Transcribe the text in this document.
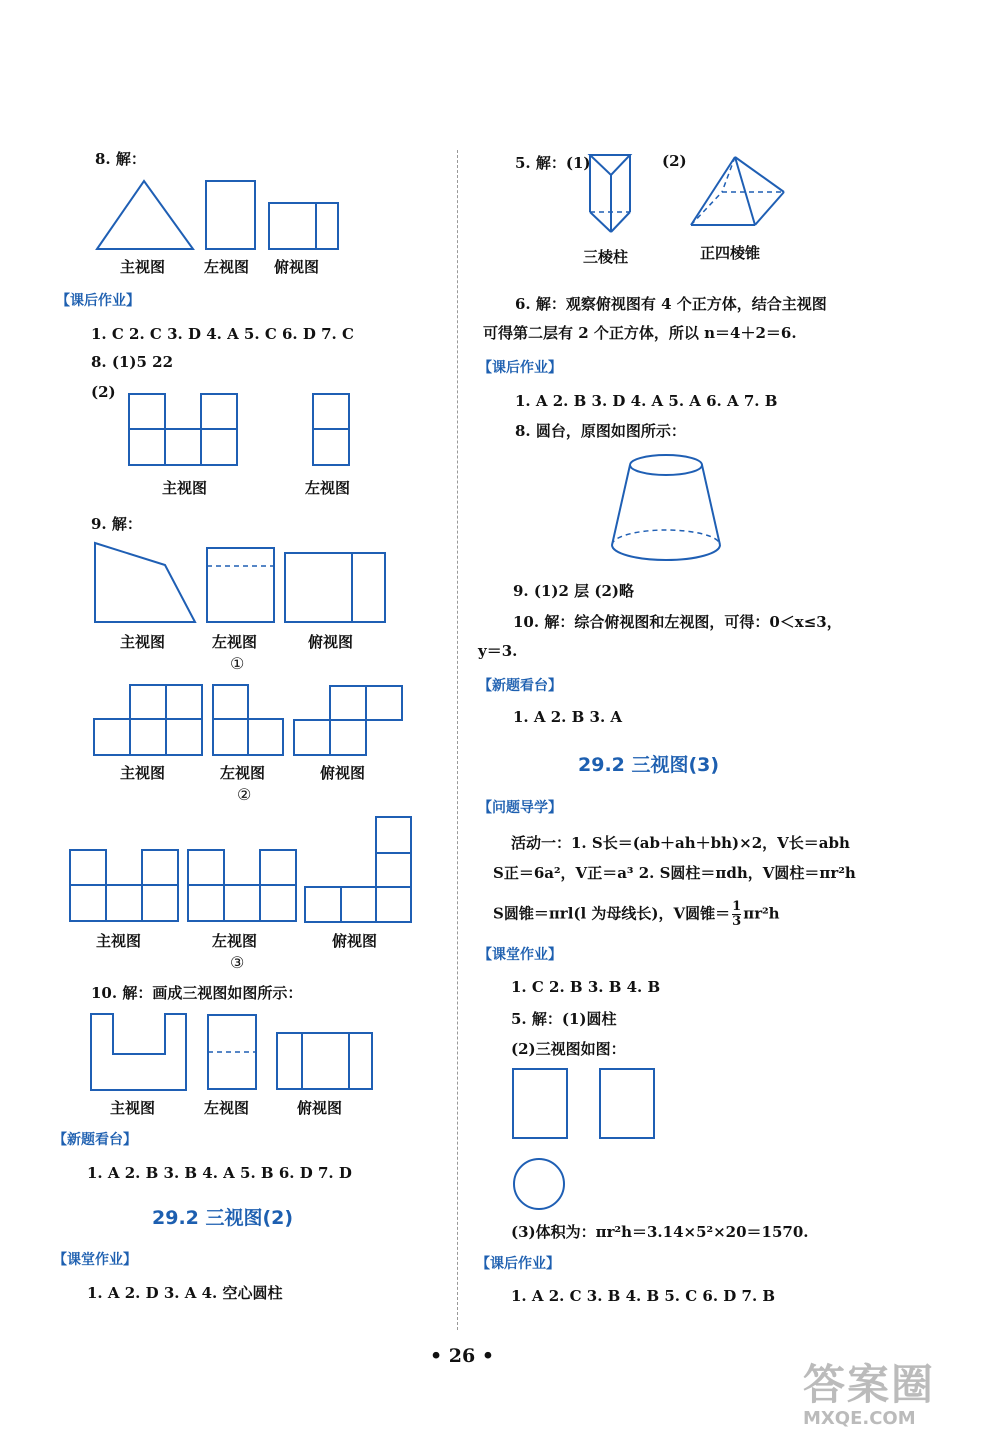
8. 解：
主视图	左视图 俯视图
【课后作业】
1. C 2. C 3. D 4. A 5. C 6. D 7. C
8. (1)5 22
(2)
主视图	左视图
9. 解：
主视图	左视图	俯视图
①
主视图	左视图	俯视图
②
主视图	左视图	俯视图
③
10. 解：画成三视图如图所示：
主视图	左视图	俯视图
【新题看台】
1. A 2. B 3. B 4. A 5. B 6. D 7. D
29.2 三视图(2)
【课堂作业】
1. A 2. D 3. A 4. 空心圆柱
5. 解：(1)	(2)
三棱柱	正四棱锥
6. 解：观察俯视图有 4 个正方体，结合主视图
可得第二层有 2 个正方体，所以 n＝4＋2＝6.
【课后作业】
1. A 2. B 3. D 4. A 5. A 6. A 7. B
8. 圆台，原图如图所示：
9. (1)2 层 (2)略
10. 解：综合俯视图和左视图，可得：0＜x≤3，
y＝3.
【新题看台】
1. A 2. B 3. A
29.2 三视图(3)
【问题导学】
活动一：1. S长＝(ab＋ah＋bh)×2，V长＝abh
S正＝6a²，V正＝a³ 2. S圆柱＝πdh，V圆柱＝πr²h
S圆锥＝πrl(l 为母线长)，V圆锥＝ $\frac{1}{3} \pi r^2h$
【课堂作业】
1. C 2. B 3. B 4. B
5. 解：(1)圆柱
(2)三视图如图：
(3)体积为：πr²h＝3.14×5²×20＝1570.
【课后作业】
1. A 2. C 3. B 4. B 5. C 6. D 7. B
• 26 •
答案圈
MXQE.COM
